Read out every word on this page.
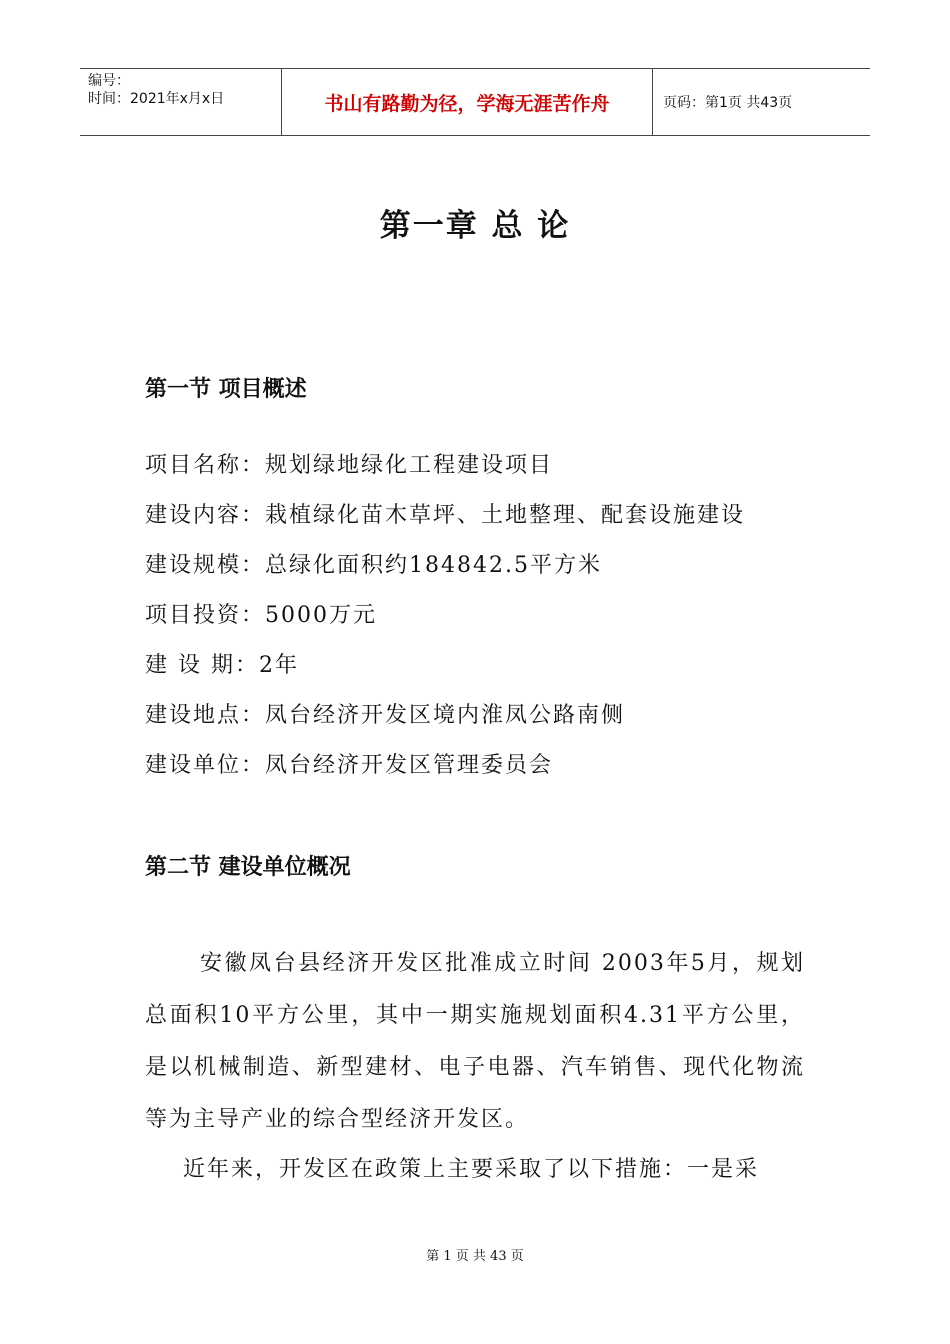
编号：
时间：2021年x月x日	书山有路勤为径，学海无涯苦作舟	页码：第1页 共43页
第一章 总 论
第一节 项目概述
项目名称：规划绿地绿化工程建设项目
建设内容：栽植绿化苗木草坪、土地整理、配套设施建设
建设规模：总绿化面积约184842.5平方米
项目投资：5000万元
建 设 期：2年
建设地点：凤台经济开发区境内淮凤公路南侧
建设单位：凤台经济开发区管理委员会
第二节 建设单位概况
安徽凤台县经济开发区批准成立时间 2003年5月，规划总面积10平方公里，其中一期实施规划面积4.31平方公里，是以机械制造、新型建材、电子电器、汽车销售、现代化物流等为主导产业的综合型经济开发区。
近年来，开发区在政策上主要采取了以下措施：一是采
第 1 页 共 43 页
